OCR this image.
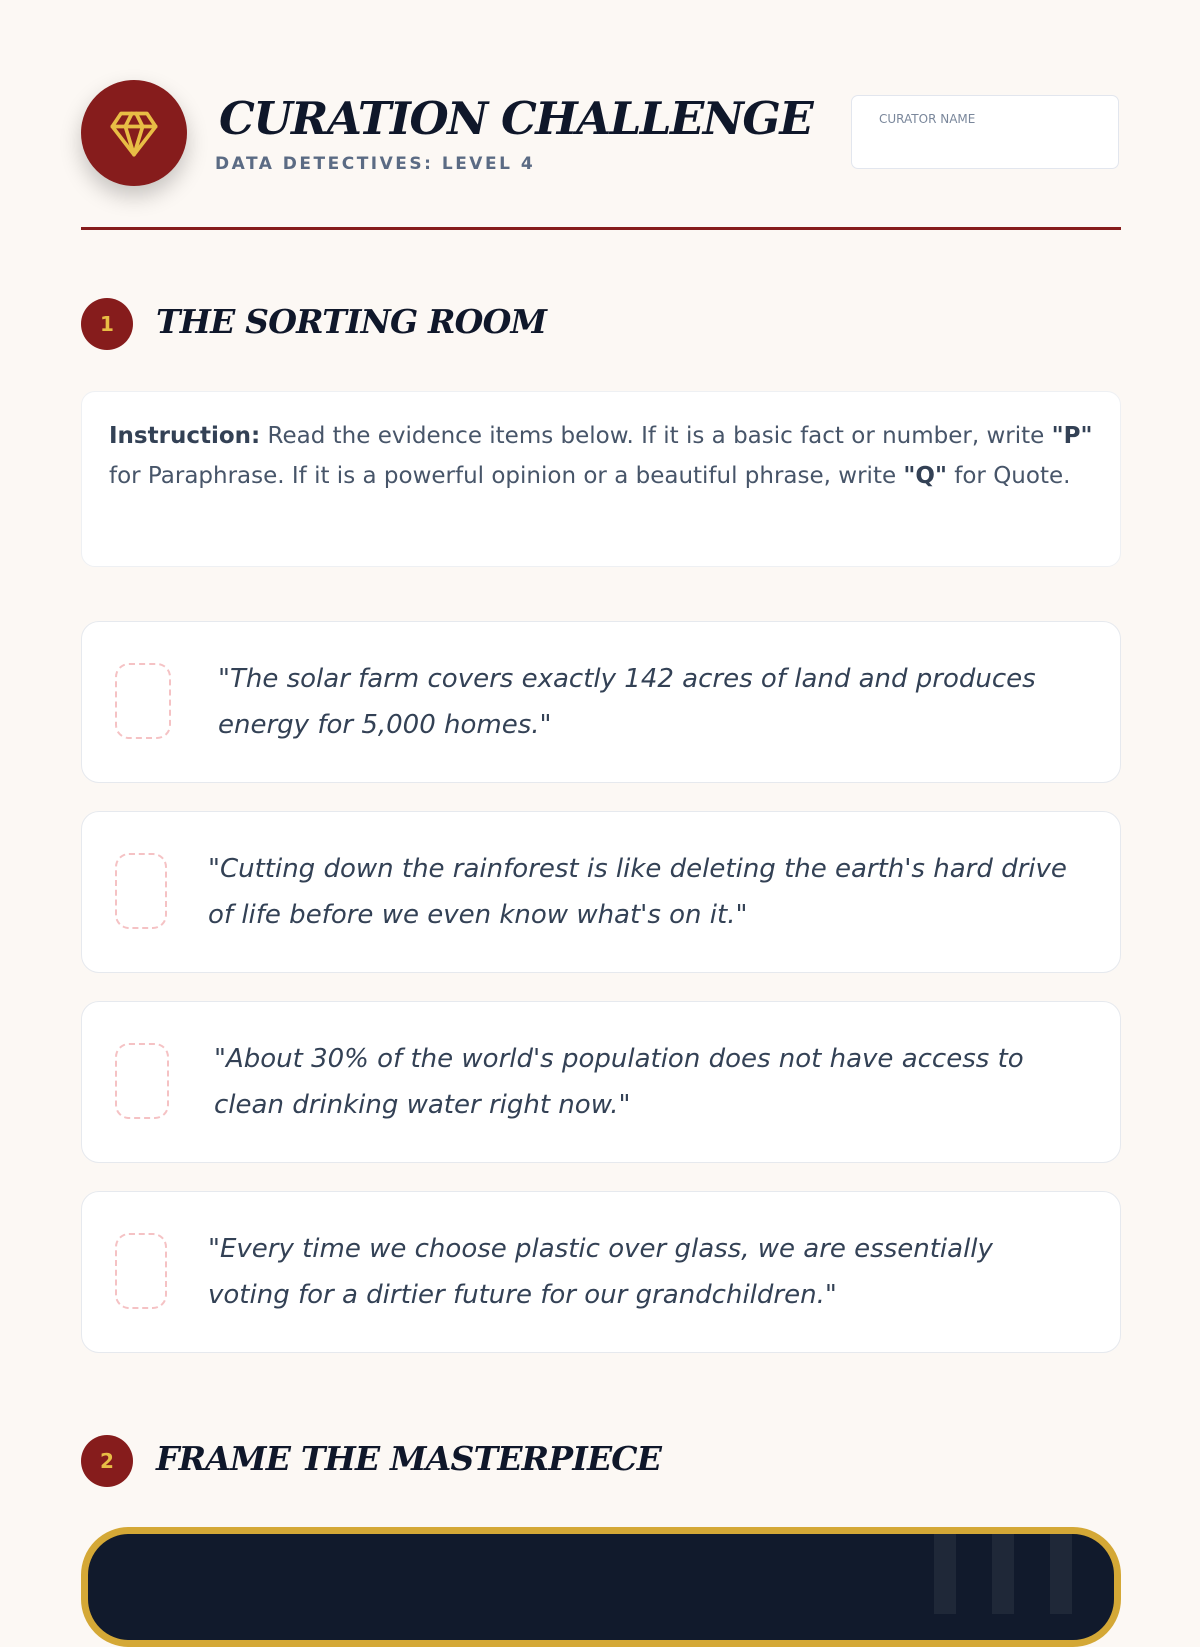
CURATION CHALLENGE
DATA DETECTIVES: LEVEL 4
CURATOR NAME
1	THE SORTING ROOM
Instruction: Read the evidence items below. If it is a basic fact or number, write "P" for Paraphrase. If it is a powerful opinion or a beautiful phrase, write "Q" for Quote.

"The solar farm covers exactly 142 acres of land and produces energy for 5,000 homes."

"Cutting down the rainforest is like deleting the earth's hard drive of life before we even know what's on it."

"About 30% of the world's population does not have access to clean drinking water right now."

"Every time we choose plastic over glass, we are essentially voting for a dirtier future for our grandchildren."

2	FRAME THE MASTERPIECE
